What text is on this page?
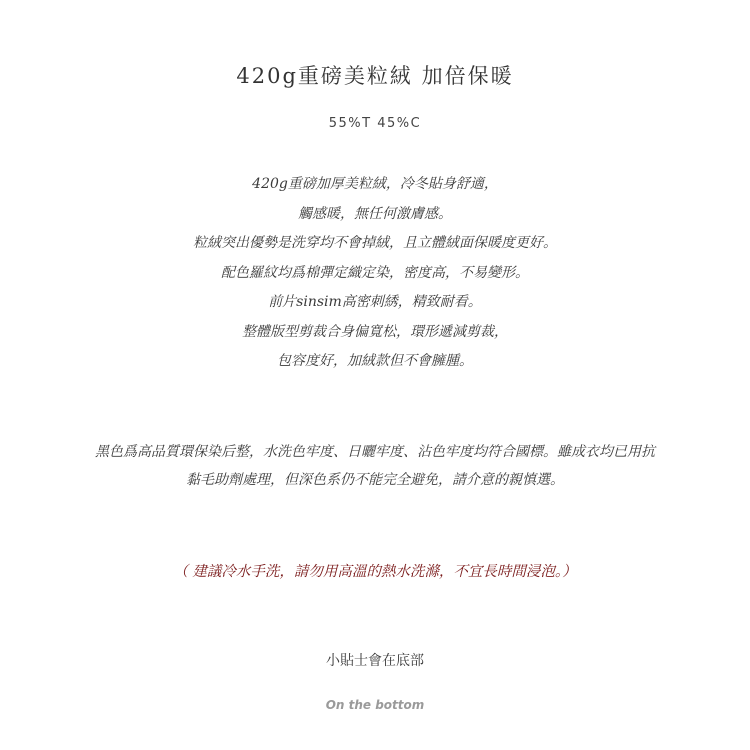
420g重磅美粒絨 加倍保暖
55%T 45%C
420g重磅加厚美粒絨，冷冬貼身舒適，
觸感暖，無任何激膚感。
粒絨突出優勢是洗穿均不會掉絨，且立體絨面保暖度更好。
配色羅紋均爲棉彈定織定染，密度高，不易變形。
前片sinsim高密刺綉，精致耐看。
整體版型剪裁合身偏寬松，環形遞減剪裁，
包容度好，加絨款但不會臃腫。
黑色爲高品質環保染后整，水洗色牢度、日曬牢度、沾色牢度均符合國標。雖成衣均已用抗
黏毛助劑處理，但深色系仍不能完全避免，請介意的親慎選。
（ 建議冷水手洗，請勿用高溫的熱水洗滌，不宜長時間浸泡。）
小貼士會在底部
On the bottom
